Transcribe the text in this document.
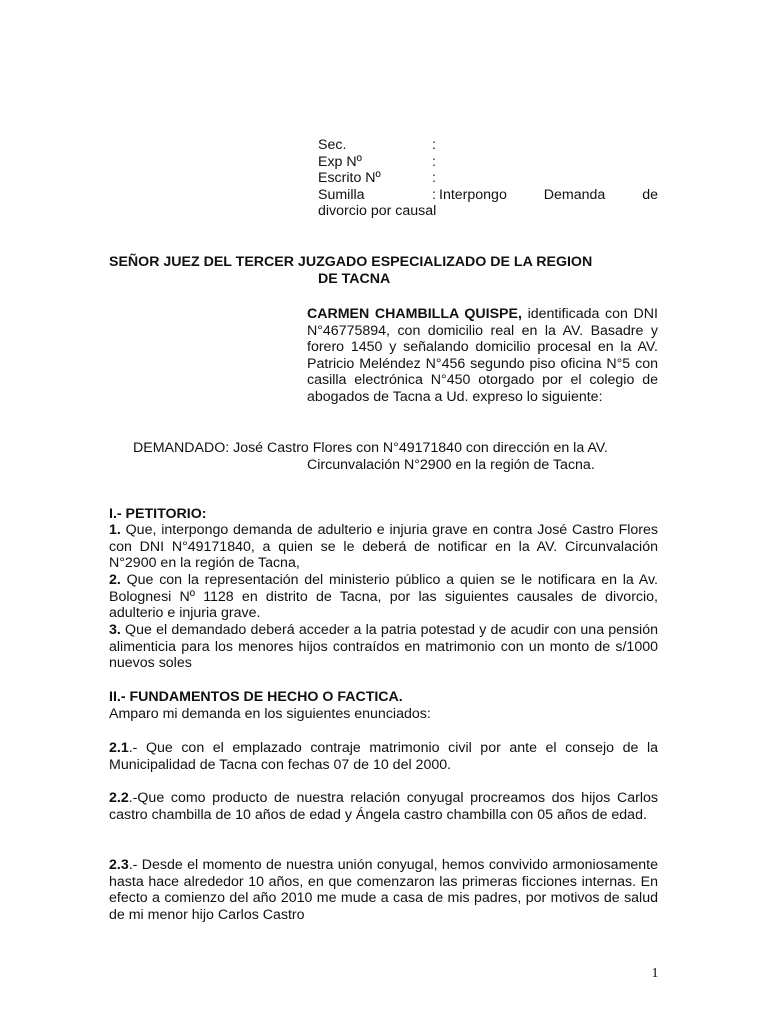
Sec.	:
Exp Nº	:
Escrito Nº	:
Sumilla	: Interpongo Demanda de
divorcio por causal
SEÑOR JUEZ DEL TERCER JUZGADO ESPECIALIZADO DE LA REGION
DE TACNA
CARMEN CHAMBILLA QUISPE, identificada con DNI N°46775894, con domicilio real en la AV. Basadre y forero 1450 y señalando domicilio procesal en la AV. Patricio Meléndez N°456 segundo piso oficina N°5 con casilla electrónica N°450 otorgado por el colegio de abogados de Tacna a Ud. expreso lo siguiente:
DEMANDADO: José Castro Flores con N°49171840 con dirección en la AV.
Circunvalación N°2900 en la región de Tacna.
I.- PETITORIO:
1. Que, interpongo demanda de adulterio e injuria grave en contra José Castro Flores con DNI N°49171840, a quien se le deberá de notificar en la AV. Circunvalación N°2900 en la región de Tacna,
2. Que con la representación del ministerio público a quien se le notificara en la Av. Bolognesi Nº 1128 en distrito de Tacna, por las siguientes causales de divorcio, adulterio e injuria grave.
3. Que el demandado deberá acceder a la patria potestad y de acudir con una pensión alimenticia para los menores hijos contraídos en matrimonio con un monto de s/1000 nuevos soles
II.- FUNDAMENTOS DE HECHO O FACTICA.
Amparo mi demanda en los siguientes enunciados:
2.1.- Que con el emplazado contraje matrimonio civil por ante el consejo de la Municipalidad de Tacna con fechas 07 de 10 del 2000.
2.2.-Que como producto de nuestra relación conyugal procreamos dos hijos Carlos castro chambilla de 10 años de edad y Ángela castro chambilla con 05 años de edad.
2.3.- Desde el momento de nuestra unión conyugal, hemos convivido armoniosamente hasta hace alrededor 10 años, en que comenzaron las primeras ficciones internas. En efecto a comienzo del año 2010 me mude a casa de mis padres, por motivos de salud de mi menor hijo Carlos Castro
1
